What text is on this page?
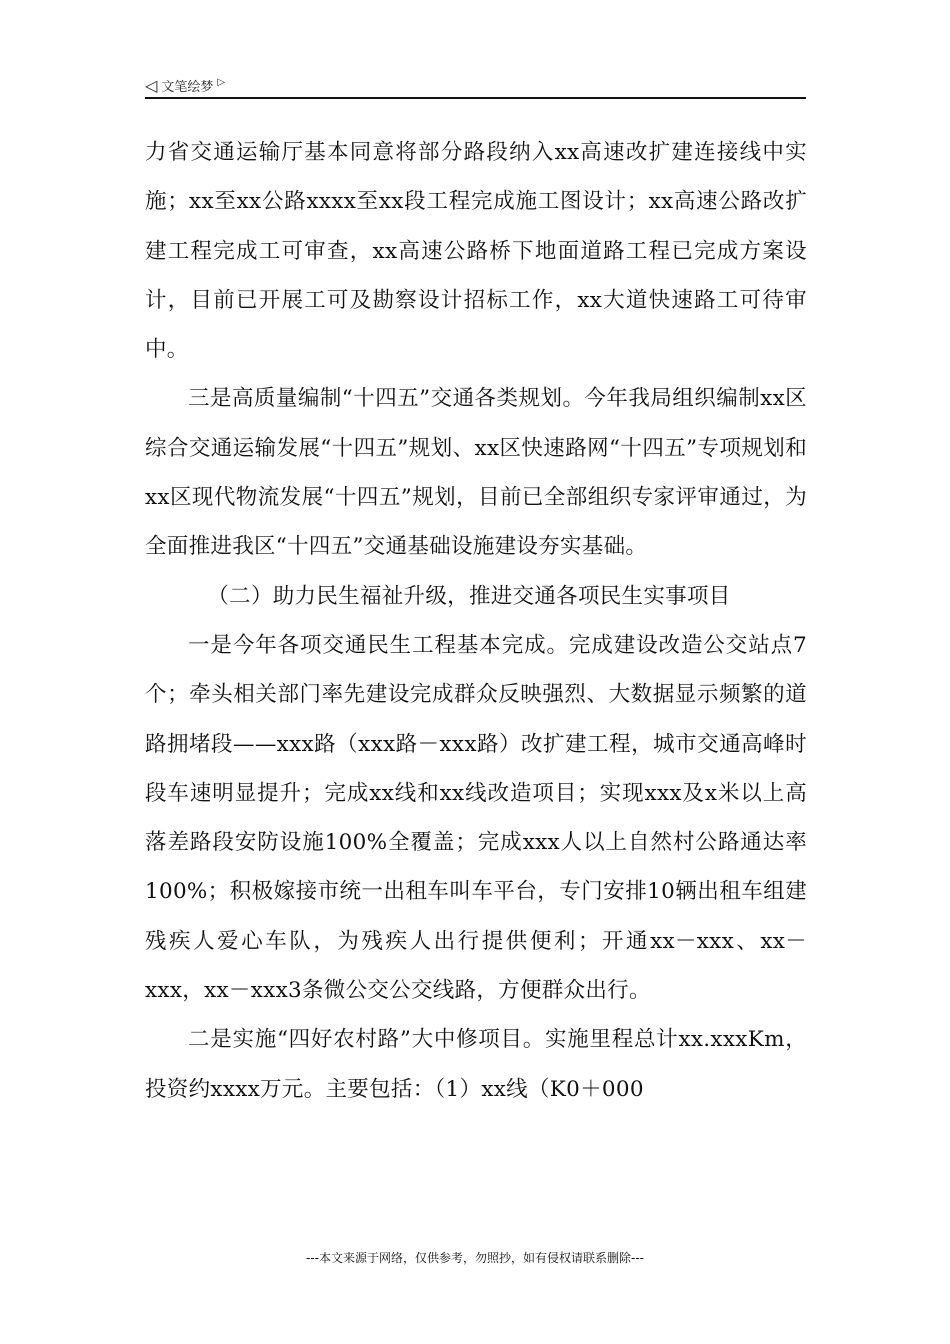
◁ 文笔绘梦 ▷

力省交通运输厅基本同意将部分路段纳入xx高速改扩建连接线中实施；xx至xx公路xxxx至xx段工程完成施工图设计；xx高速公路改扩建工程完成工可审查，xx高速公路桥下地面道路工程已完成方案设计，目前已开展工可及勘察设计招标工作，xx大道快速路工可待审中。

三是高质量编制“十四五”交通各类规划。今年我局组织编制xx区综合交通运输发展“十四五”规划、xx区快速路网“十四五”专项规划和xx区现代物流发展“十四五”规划，目前已全部组织专家评审通过，为全面推进我区“十四五”交通基础设施建设夯实基础。

（二）助力民生福祉升级，推进交通各项民生实事项目

一是今年各项交通民生工程基本完成。完成建设改造公交站点7个；牵头相关部门率先建设完成群众反映强烈、大数据显示频繁的道路拥堵段——xxx路（xxx路－xxx路）改扩建工程，城市交通高峰时段车速明显提升；完成xx线和xx线改造项目；实现xxx及x米以上高落差路段安防设施100%全覆盖；完成xxx人以上自然村公路通达率100%；积极嫁接市统一出租车叫车平台，专门安排10辆出租车组建残疾人爱心车队，为残疾人出行提供便利；开通xx－xxx、xx－xxx，xx－xxx3条微公交公交线路，方便群众出行。

二是实施“四好农村路”大中修项目。实施里程总计xx.xxxKm，投资约xxxx万元。主要包括：（1）xx线（K0＋000

---本文来源于网络，仅供参考，勿照抄，如有侵权请联系删除---
